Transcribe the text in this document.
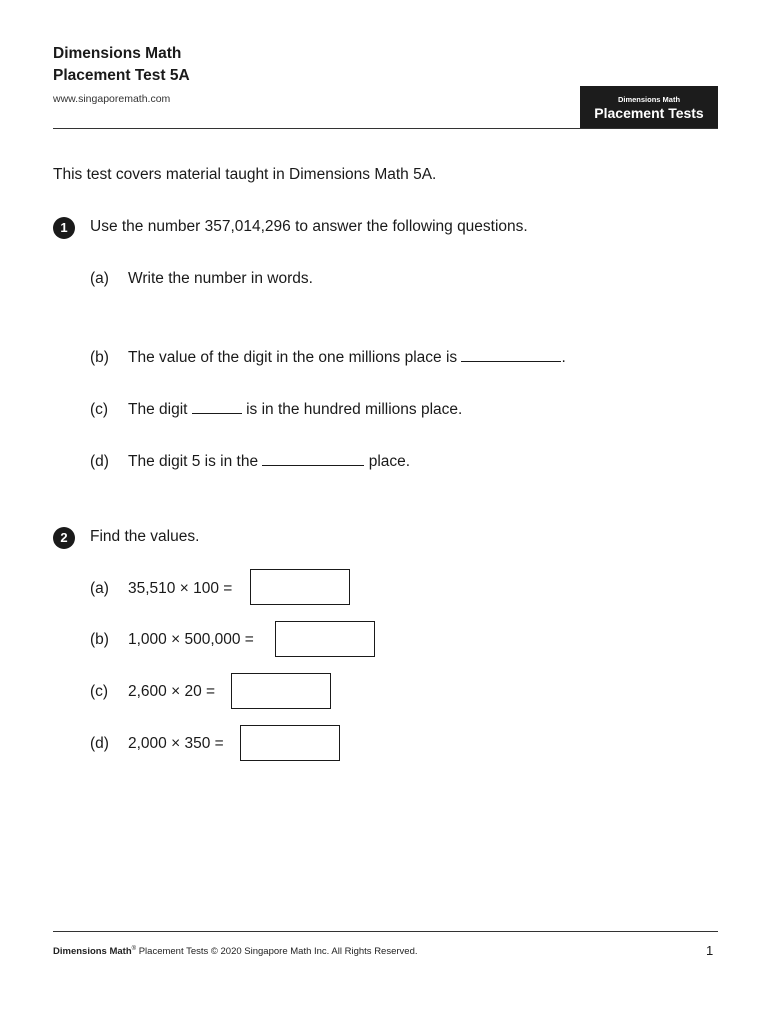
Dimensions Math
Placement Test 5A
www.singaporemath.com	Dimensions Math
Placement Tests
This test covers material taught in Dimensions Math 5A.
1	Use the number 357,014,296 to answer the following questions.
(a) Write the number in words.
(b) The value of the digit in the one millions place is	.
(c) The digit	is in the hundred millions place.
(d) The digit 5 is in the	place.
2	Find the values.
(a) 35,510 × 100 =
(b) 1,000 × 500,000 =
(c) 2,600 × 20 =
(d) 2,000 × 350 =
Dimensions Math® Placement Tests © 2020 Singapore Math Inc. All Rights Reserved.	1
